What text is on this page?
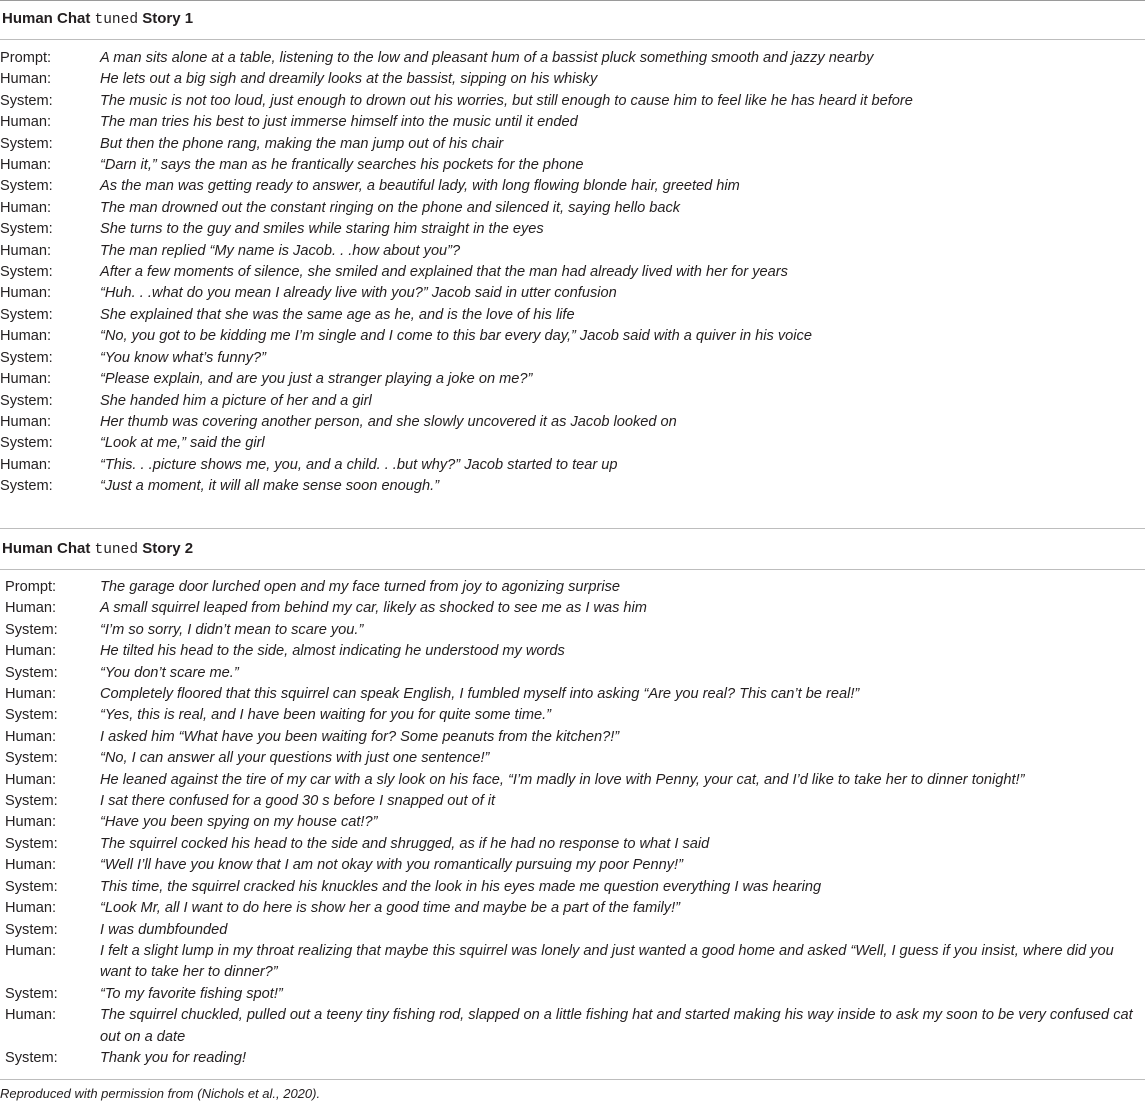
Human Chat tuned Story 1
Prompt:	A man sits alone at a table, listening to the low and pleasant hum of a bassist pluck something smooth and jazzy nearby
Human:	He lets out a big sigh and dreamily looks at the bassist, sipping on his whisky
System:	The music is not too loud, just enough to drown out his worries, but still enough to cause him to feel like he has heard it before
Human:	The man tries his best to just immerse himself into the music until it ended
System:	But then the phone rang, making the man jump out of his chair
Human:	“Darn it,” says the man as he frantically searches his pockets for the phone
System:	As the man was getting ready to answer, a beautiful lady, with long flowing blonde hair, greeted him
Human:	The man drowned out the constant ringing on the phone and silenced it, saying hello back
System:	She turns to the guy and smiles while staring him straight in the eyes
Human:	The man replied “My name is Jacob. . .how about you”?
System:	After a few moments of silence, she smiled and explained that the man had already lived with her for years
Human:	“Huh. . .what do you mean I already live with you?” Jacob said in utter confusion
System:	She explained that she was the same age as he, and is the love of his life
Human:	“No, you got to be kidding me I’m single and I come to this bar every day,” Jacob said with a quiver in his voice
System:	“You know what’s funny?”
Human:	“Please explain, and are you just a stranger playing a joke on me?”
System:	She handed him a picture of her and a girl
Human:	Her thumb was covering another person, and she slowly uncovered it as Jacob looked on
System:	“Look at me,” said the girl
Human:	“This. . .picture shows me, you, and a child. . .but why?” Jacob started to tear up
System:	“Just a moment, it will all make sense soon enough.”
Human Chat tuned Story 2
Prompt:	The garage door lurched open and my face turned from joy to agonizing surprise
Human:	A small squirrel leaped from behind my car, likely as shocked to see me as I was him
System:	“I’m so sorry, I didn’t mean to scare you.”
Human:	He tilted his head to the side, almost indicating he understood my words
System:	“You don’t scare me.”
Human:	Completely floored that this squirrel can speak English, I fumbled myself into asking “Are you real? This can’t be real!”
System:	“Yes, this is real, and I have been waiting for you for quite some time.”
Human:	I asked him “What have you been waiting for? Some peanuts from the kitchen?!”
System:	“No, I can answer all your questions with just one sentence!”
Human:	He leaned against the tire of my car with a sly look on his face, “I’m madly in love with Penny, your cat, and I’d like to take her to dinner tonight!”
System:	I sat there confused for a good 30 s before I snapped out of it
Human:	“Have you been spying on my house cat!?”
System:	The squirrel cocked his head to the side and shrugged, as if he had no response to what I said
Human:	“Well I’ll have you know that I am not okay with you romantically pursuing my poor Penny!”
System:	This time, the squirrel cracked his knuckles and the look in his eyes made me question everything I was hearing
Human:	“Look Mr, all I want to do here is show her a good time and maybe be a part of the family!”
System:	I was dumbfounded
Human:	I felt a slight lump in my throat realizing that maybe this squirrel was lonely and just wanted a good home and asked “Well, I guess if you insist, where did you want to take her to dinner?”
System:	“To my favorite fishing spot!”
Human:	The squirrel chuckled, pulled out a teeny tiny fishing rod, slapped on a little fishing hat and started making his way inside to ask my soon to be very confused cat out on a date
System:	Thank you for reading!
Reproduced with permission from (Nichols et al., 2020).
